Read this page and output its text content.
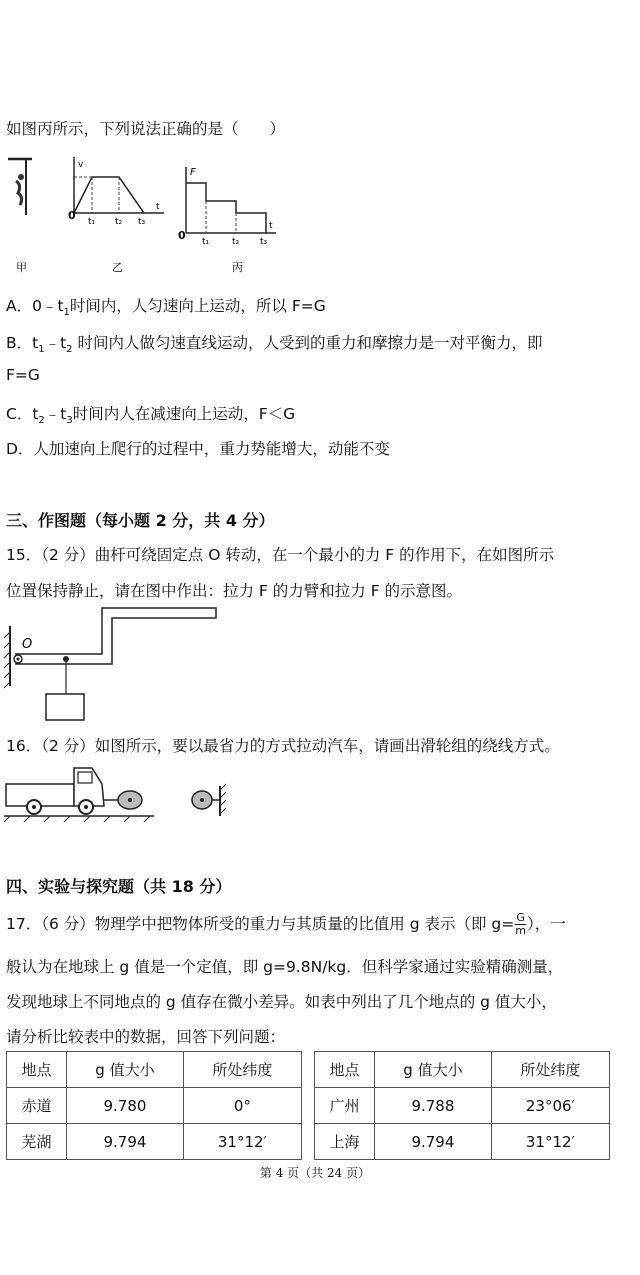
如图丙所示，下列说法正确的是（　　）
v
0
t
t₁ t₂ t₃
F
0
t
t₁	t₂ t₃
甲	乙	丙
A．$0﹣t_1$时间内，人匀速向上运动，所以 F=G
B．$t_1﹣t_2$ 时间内人做匀速直线运动，人受到的重力和摩擦力是一对平衡力，即
F=G
C．$t_2﹣t_3$时间内人在减速向上运动，F＜G
D．人加速向上爬行的过程中，重力势能增大，动能不变
三、作图题（每小题 2 分，共 4 分）
15．（2 分）曲杆可绕固定点 O 转动，在一个最小的力 F 的作用下，在如图所示
位置保持静止，请在图中作出：拉力 F 的力臂和拉力 F 的示意图。
O
16．（2 分）如图所示，要以最省力的方式拉动汽车，请画出滑轮组的绕线方式。
四、实验与探究题（共 18 分）
17．（6 分）物理学中把物体所受的重力与其质量的比值用 g 表示（即 $g= \frac{G}{m}$ ），一
般认为在地球上 g 值是一个定值，即 g=9.8N/kg．但科学家通过实验精确测量，
发现地球上不同地点的 g 值存在微小差异。如表中列出了几个地点的 g 值大小，
请分析比较表中的数据，回答下列问题：
地点	g 值大小	所处纬度		地点	g 值大小	所处纬度
赤道	9.780	0°		广州	9.788	23°06′
芜湖	9.794	31°12′		上海	9.794	31°12′
第 4 页（共 24 页）
